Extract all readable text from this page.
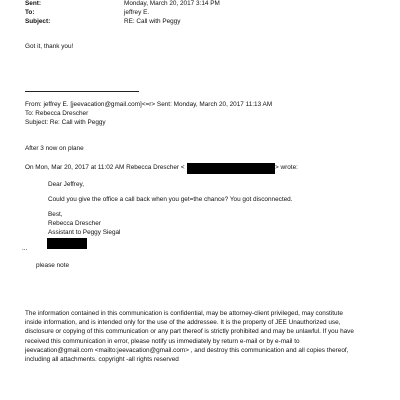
Sent:	Monday, March 20, 2017 3:14 PM
To:	jeffrey E.
Subject:	RE: Call with Peggy
Got it, thank you!
From: jeffrey E. [jeevacation@gmail.com]<=r> Sent: Monday, March 20, 2017 11:13 AM
To: Rebecca Drescher
Subject: Re: Call with Peggy
After 3 now on plane
On Mon, Mar 20, 2017 at 11:02 AM Rebecca Drescher <	> wrote:
Dear Jeffrey,
Could you give the office a call back when you get=the chance? You got disconnected.
Best,
Rebecca Drescher
Assistant to Peggy Siegal
...
please note
The information contained in this communication is confidential, may be attorney-client privileged, may constitute
inside information, and is intended only for the use of the addressee. It is the property of JEE Unauthorized use,
disclosure or copying of this communication or any part thereof is strictly prohibited and may be unlawful. If you have
received this communication in error, please notify us immediately by return e-mail or by e-mail to
jeevacation@gmail.com <mailto:jeevacation@gmail.com> , and destroy this communication and all copies thereof,
including all attachments. copyright -all rights reserved
